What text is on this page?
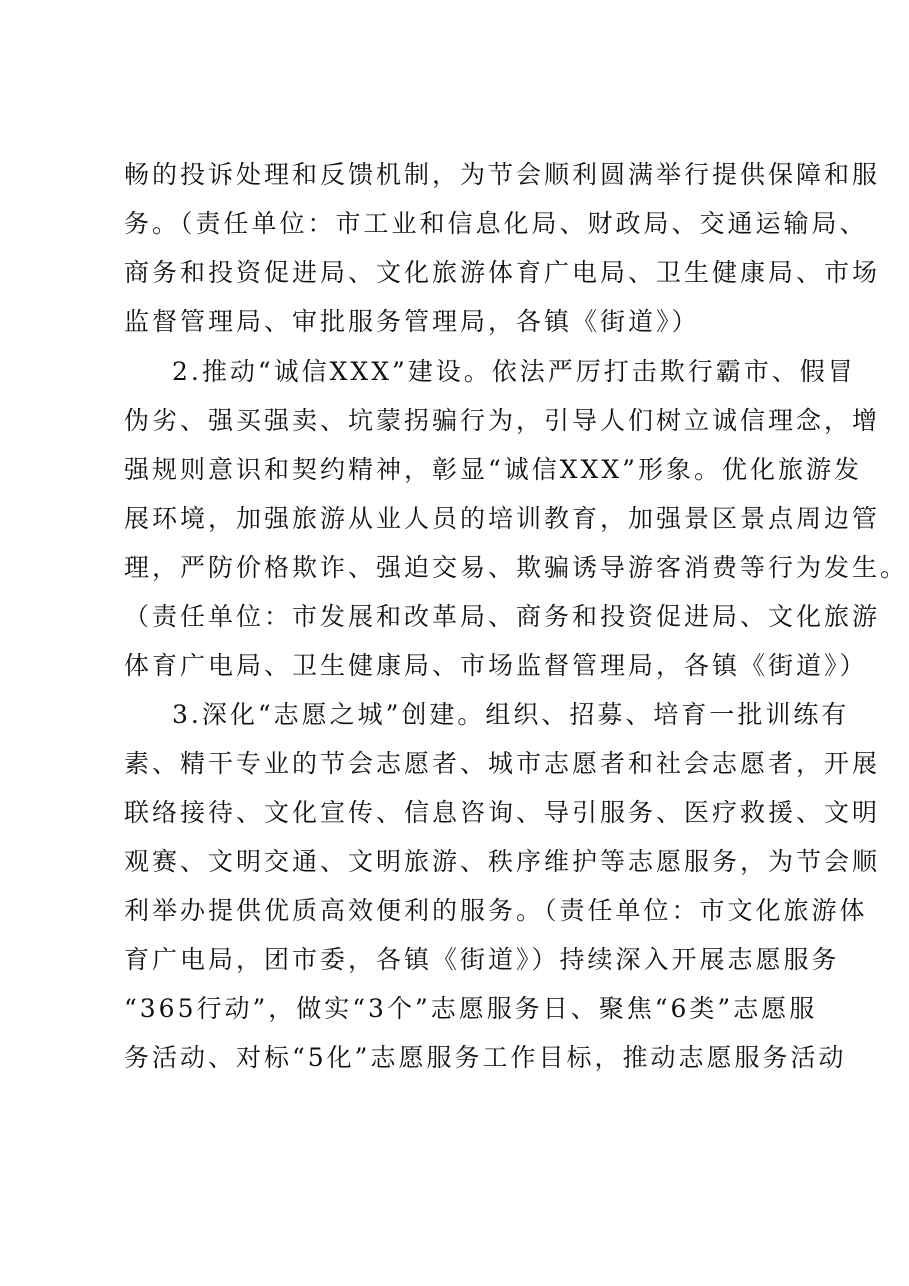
畅的投诉处理和反馈机制，为节会顺利圆满举行提供保障和服
务。（责任单位：市工业和信息化局、财政局、交通运输局、
商务和投资促进局、文化旅游体育广电局、卫生健康局、市场
监督管理局、审批服务管理局，各镇《街道》）
2.推动“诚信XXX”建设。依法严厉打击欺行霸市、假冒
伪劣、强买强卖、坑蒙拐骗行为，引导人们树立诚信理念，增
强规则意识和契约精神，彰显“诚信XXX”形象。优化旅游发
展环境，加强旅游从业人员的培训教育，加强景区景点周边管
理，严防价格欺诈、强迫交易、欺骗诱导游客消费等行为发生。
（责任单位：市发展和改革局、商务和投资促进局、文化旅游
体育广电局、卫生健康局、市场监督管理局，各镇《街道》）
3.深化“志愿之城”创建。组织、招募、培育一批训练有
素、精干专业的节会志愿者、城市志愿者和社会志愿者，开展
联络接待、文化宣传、信息咨询、导引服务、医疗救援、文明
观赛、文明交通、文明旅游、秩序维护等志愿服务，为节会顺
利举办提供优质高效便利的服务。（责任单位：市文化旅游体
育广电局，团市委，各镇《街道》）持续深入开展志愿服务
“365行动”，做实“3个”志愿服务日、聚焦“6类”志愿服
务活动、对标“5化”志愿服务工作目标，推动志愿服务活动
